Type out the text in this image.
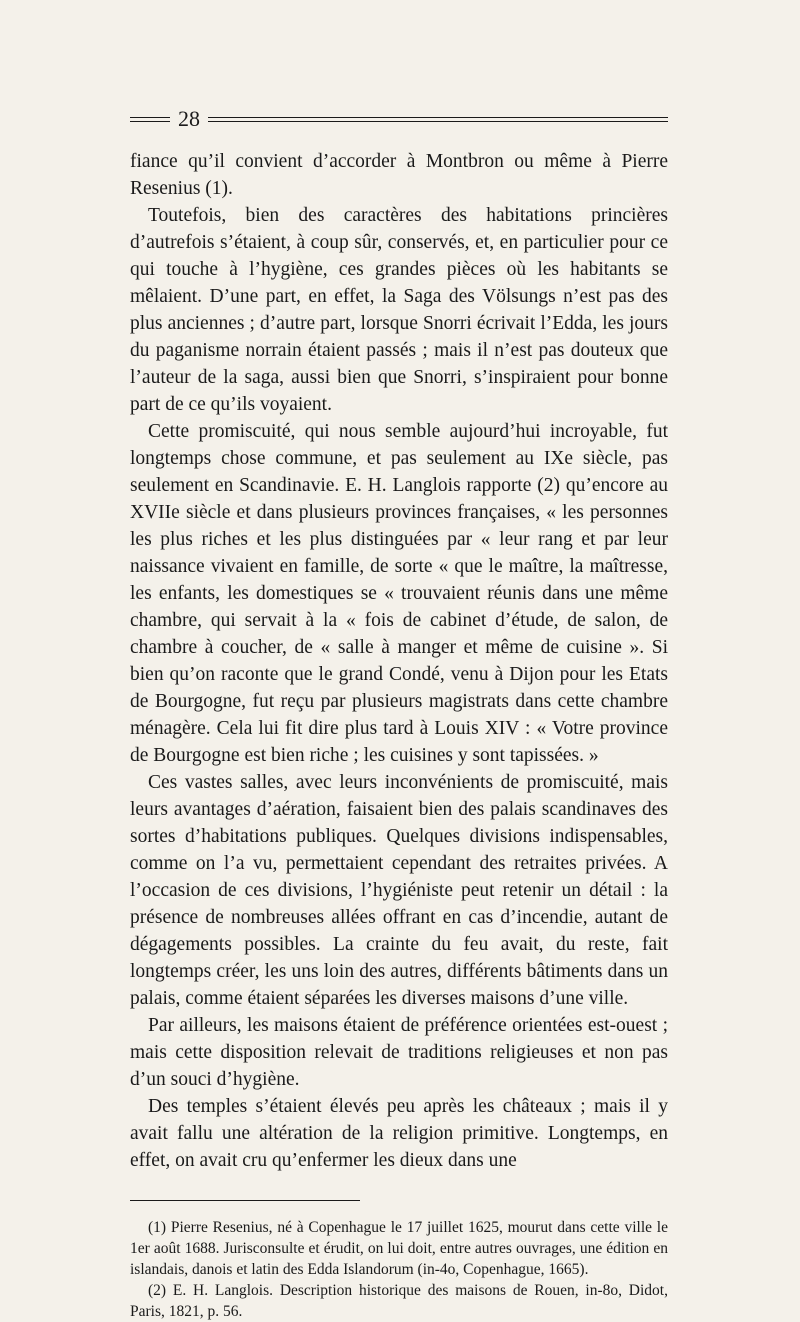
28

fiance qu’il convient d’accorder à Montbron ou même à Pierre Resenius (1).

Toutefois, bien des caractères des habitations princières d’autrefois s’étaient, à coup sûr, conservés, et, en particulier pour ce qui touche à l’hygiène, ces grandes pièces où les habitants se mêlaient. D’une part, en effet, la Saga des Völsungs n’est pas des plus anciennes ; d’autre part, lorsque Snorri écrivait l’Edda, les jours du paganisme norrain étaient passés ; mais il n’est pas douteux que l’auteur de la saga, aussi bien que Snorri, s’inspiraient pour bonne part de ce qu’ils voyaient.

Cette promiscuité, qui nous semble aujourd’hui incroyable, fut longtemps chose commune, et pas seulement au IXe siècle, pas seulement en Scandinavie. E. H. Langlois rapporte (2) qu’encore au XVIIe siècle et dans plusieurs provinces françaises, « les personnes les plus riches et les plus distinguées par « leur rang et par leur naissance vivaient en famille, de sorte « que le maître, la maîtresse, les enfants, les domestiques se « trouvaient réunis dans une même chambre, qui servait à la « fois de cabinet d’étude, de salon, de chambre à coucher, de « salle à manger et même de cuisine ». Si bien qu’on raconte que le grand Condé, venu à Dijon pour les Etats de Bourgogne, fut reçu par plusieurs magistrats dans cette chambre ménagère. Cela lui fit dire plus tard à Louis XIV : « Votre province de Bourgogne est bien riche ; les cuisines y sont tapissées. »

Ces vastes salles, avec leurs inconvénients de promiscuité, mais leurs avantages d’aération, faisaient bien des palais scandinaves des sortes d’habitations publiques. Quelques divisions indispensables, comme on l’a vu, permettaient cependant des retraites privées. A l’occasion de ces divisions, l’hygiéniste peut retenir un détail : la présence de nombreuses allées offrant en cas d’incendie, autant de dégagements possibles. La crainte du feu avait, du reste, fait longtemps créer, les uns loin des autres, différents bâtiments dans un palais, comme étaient séparées les diverses maisons d’une ville.

Par ailleurs, les maisons étaient de préférence orientées est-ouest ; mais cette disposition relevait de traditions religieuses et non pas d’un souci d’hygiène.

Des temples s’étaient élevés peu après les châteaux ; mais il y avait fallu une altération de la religion primitive. Longtemps, en effet, on avait cru qu’enfermer les dieux dans une

(1) Pierre Resenius, né à Copenhague le 17 juillet 1625, mourut dans cette ville le 1er août 1688. Jurisconsulte et érudit, on lui doit, entre autres ouvrages, une édition en islandais, danois et latin des Edda Islandorum (in-4o, Copenhague, 1665).

(2) E. H. Langlois. Description historique des maisons de Rouen, in-8o, Didot, Paris, 1821, p. 56.
